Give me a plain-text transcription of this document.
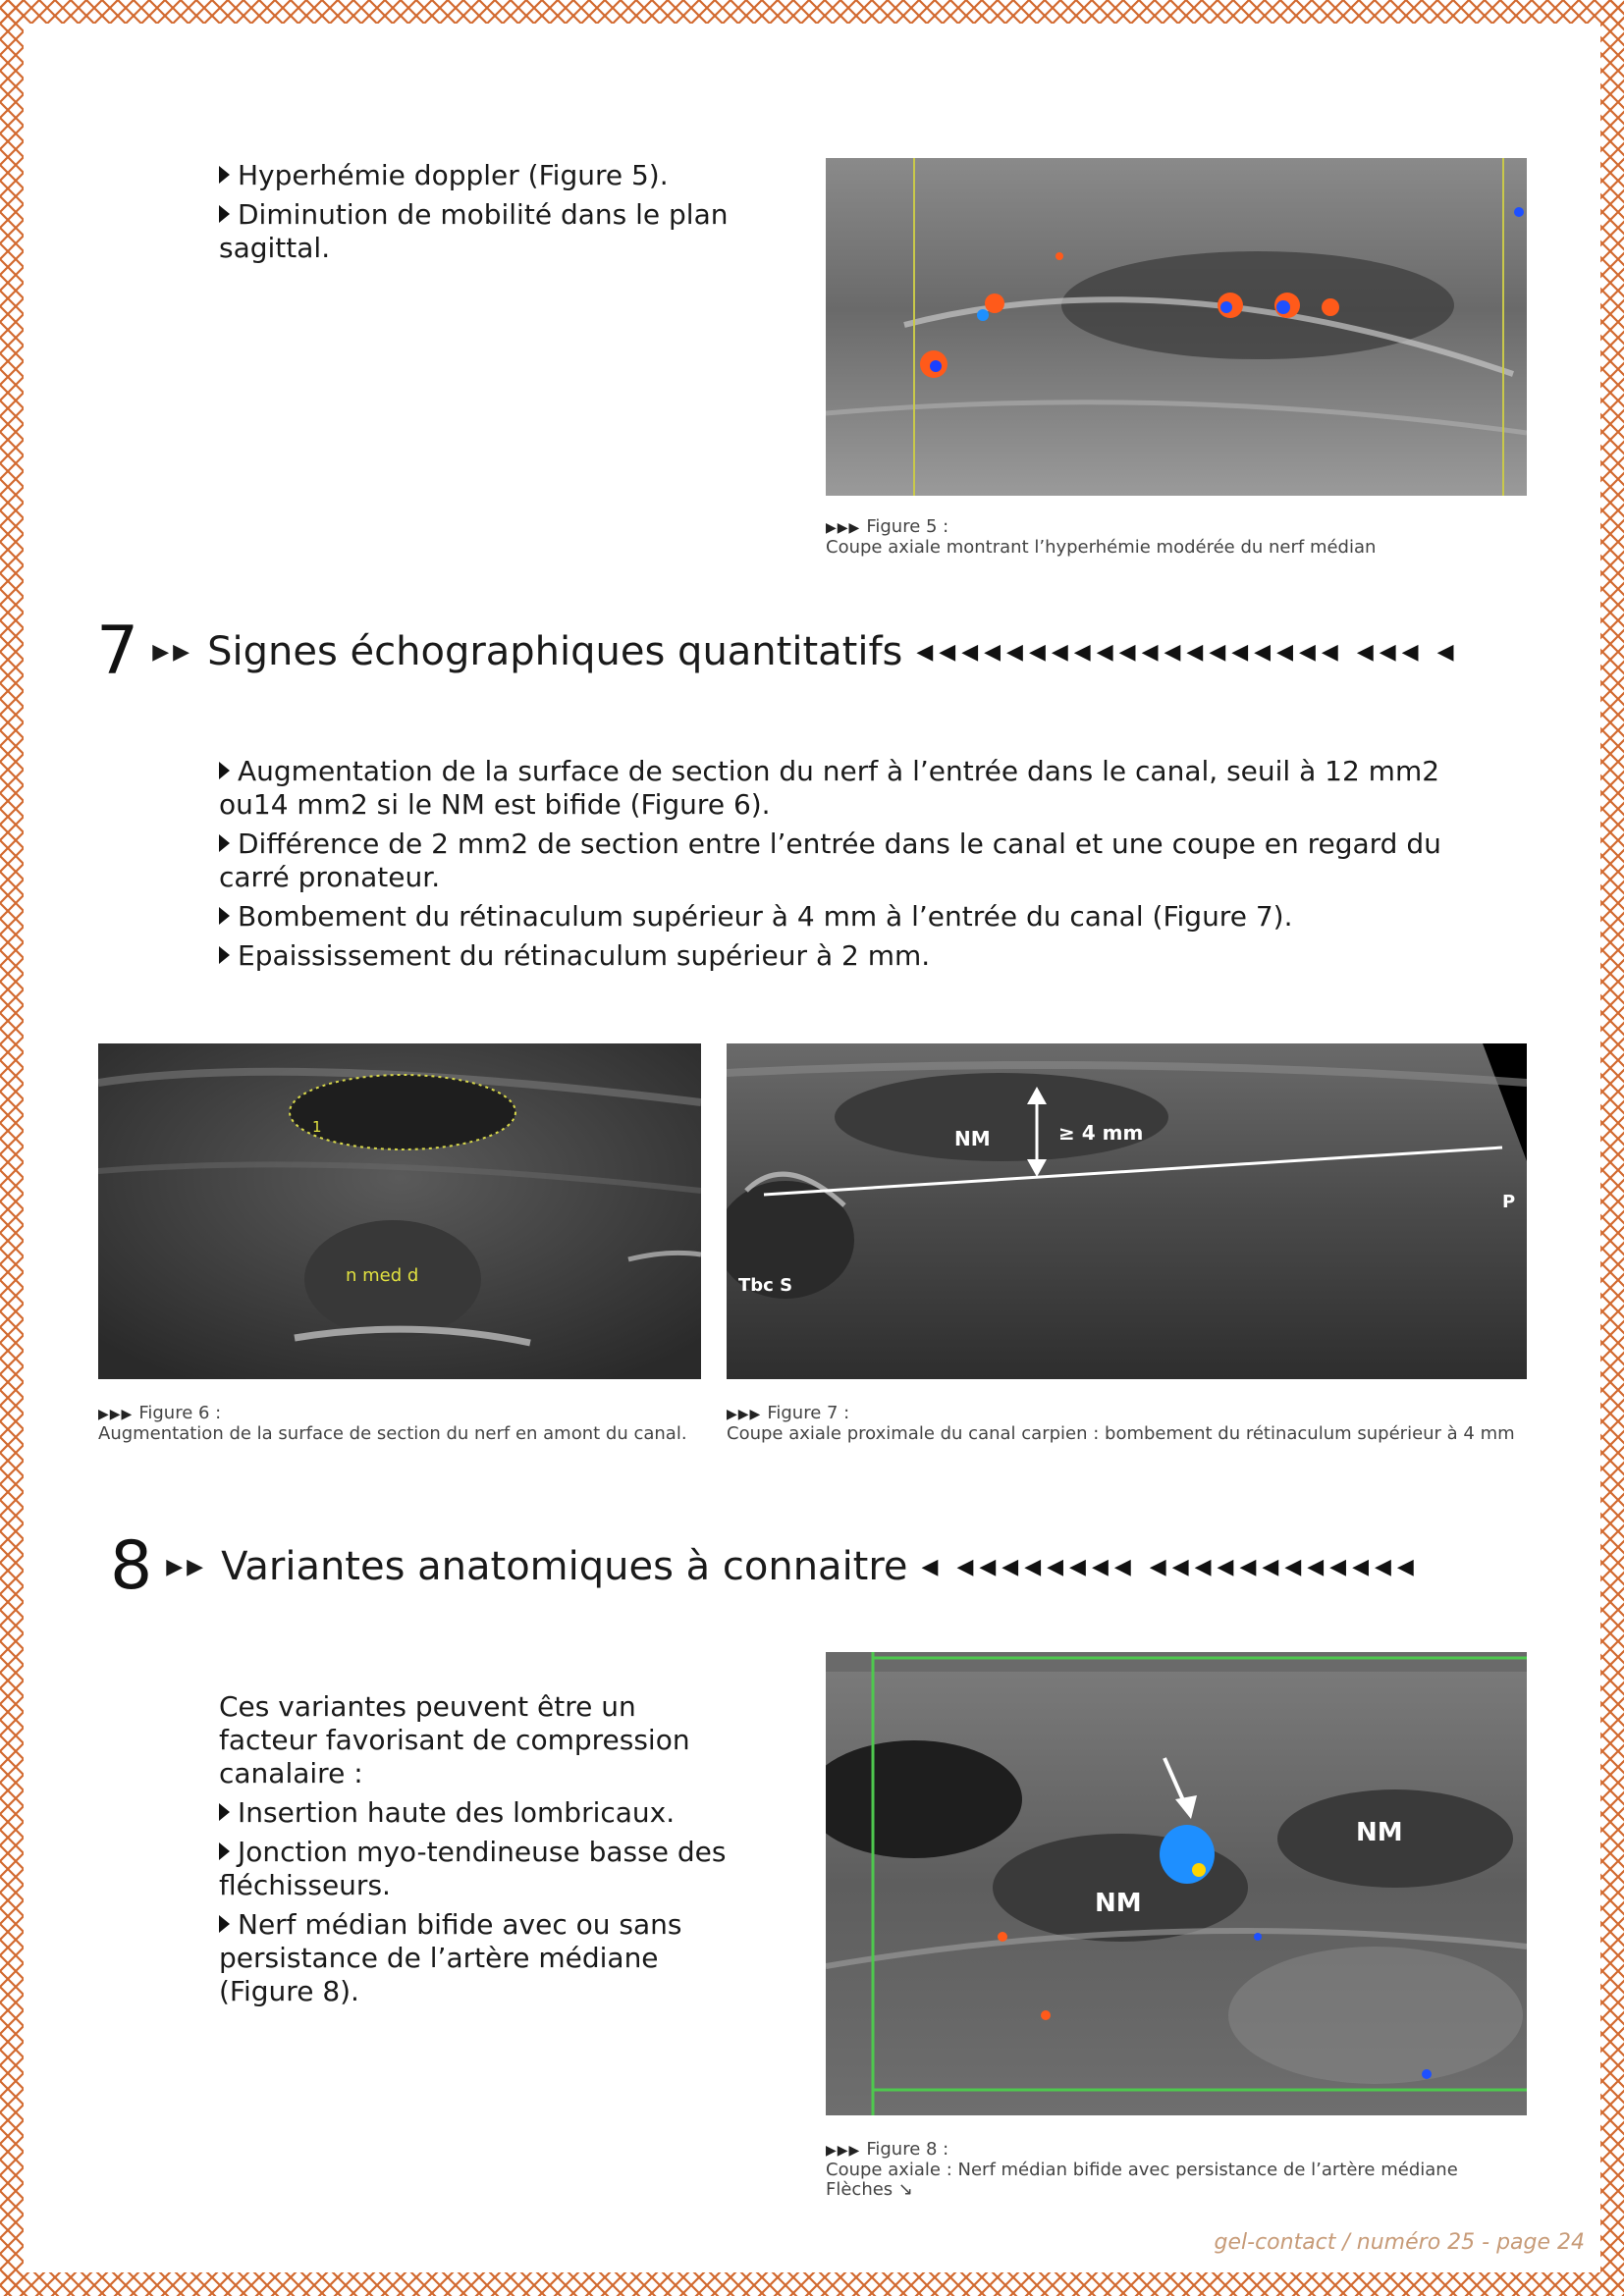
Hyperhémie doppler (Figure 5).

Diminution de mobilité dans le plan sagittal.

▶▶▶ Figure 5 :
Coupe axiale montrant l’hyperhémie modérée du nerf médian
7 ▶▶ Signes échographiques quantitatifs ◀◀◀◀◀◀◀◀◀◀◀◀◀◀◀◀◀◀◀ ◀◀◀ ◀

Augmentation de la surface de section du nerf à l’entrée dans le canal, seuil à 12 mm2 ou14 mm2 si le NM est bifide (Figure 6).

Différence de 2 mm2 de section entre l’entrée dans le canal et une coupe en regard du carré pronateur.

Bombement du rétinaculum supérieur à 4 mm à l’entrée du canal (Figure 7).

Epaississement du rétinaculum supérieur à 2 mm.

1
n med d
▶▶▶ Figure 6 :
Augmentation de la surface de section du nerf en amont du canal.
NM	≥ 4 mm
P
Tbc S
▶▶▶ Figure 7 :
Coupe axiale proximale du canal carpien : bombement du rétinaculum supérieur à 4 mm
8 ▶▶ Variantes anatomiques à connaitre ◀ ◀◀◀◀◀◀◀◀ ◀◀◀◀◀◀◀◀◀◀◀◀

Ces variantes peuvent être un facteur favorisant de compression canalaire :

Insertion haute des lombricaux.

Jonction myo-tendineuse basse des fléchisseurs.

Nerf médian bifide avec ou sans persistance de l’artère médiane (Figure 8).

NM
NM
▶▶▶ Figure 8 :
Coupe axiale : Nerf médian bifide avec persistance de l’artère médiane
Flèches ↘
gel-contact / numéro 25 - page 24
